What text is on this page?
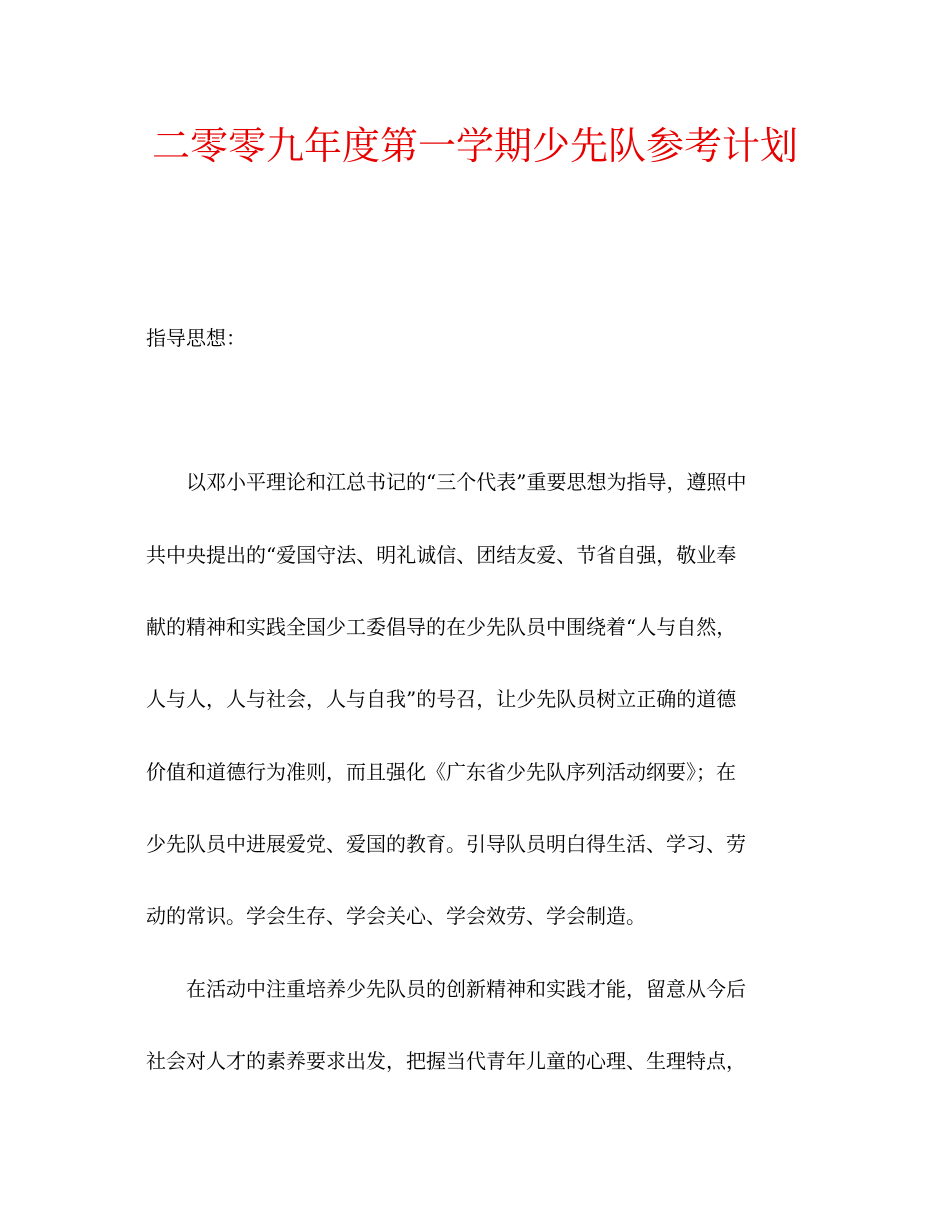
二零零九年度第一学期少先队参考计划
指导思想：
以邓小平理论和江总书记的“三个代表”重要思想为指导，遵照中
共中央提出的“爱国守法、明礼诚信、团结友爱、节省自强，敬业奉
献的精神和实践全国少工委倡导的在少先队员中围绕着“人与自然，
人与人，人与社会，人与自我”的号召，让少先队员树立正确的道德
价值和道德行为准则，而且强化《广东省少先队序列活动纲要》；在
少先队员中进展爱党、爱国的教育。引导队员明白得生活、学习、劳
动的常识。学会生存、学会关心、学会效劳、学会制造。
在活动中注重培养少先队员的创新精神和实践才能，留意从今后
社会对人才的素养要求出发，把握当代青年儿童的心理、生理特点，
